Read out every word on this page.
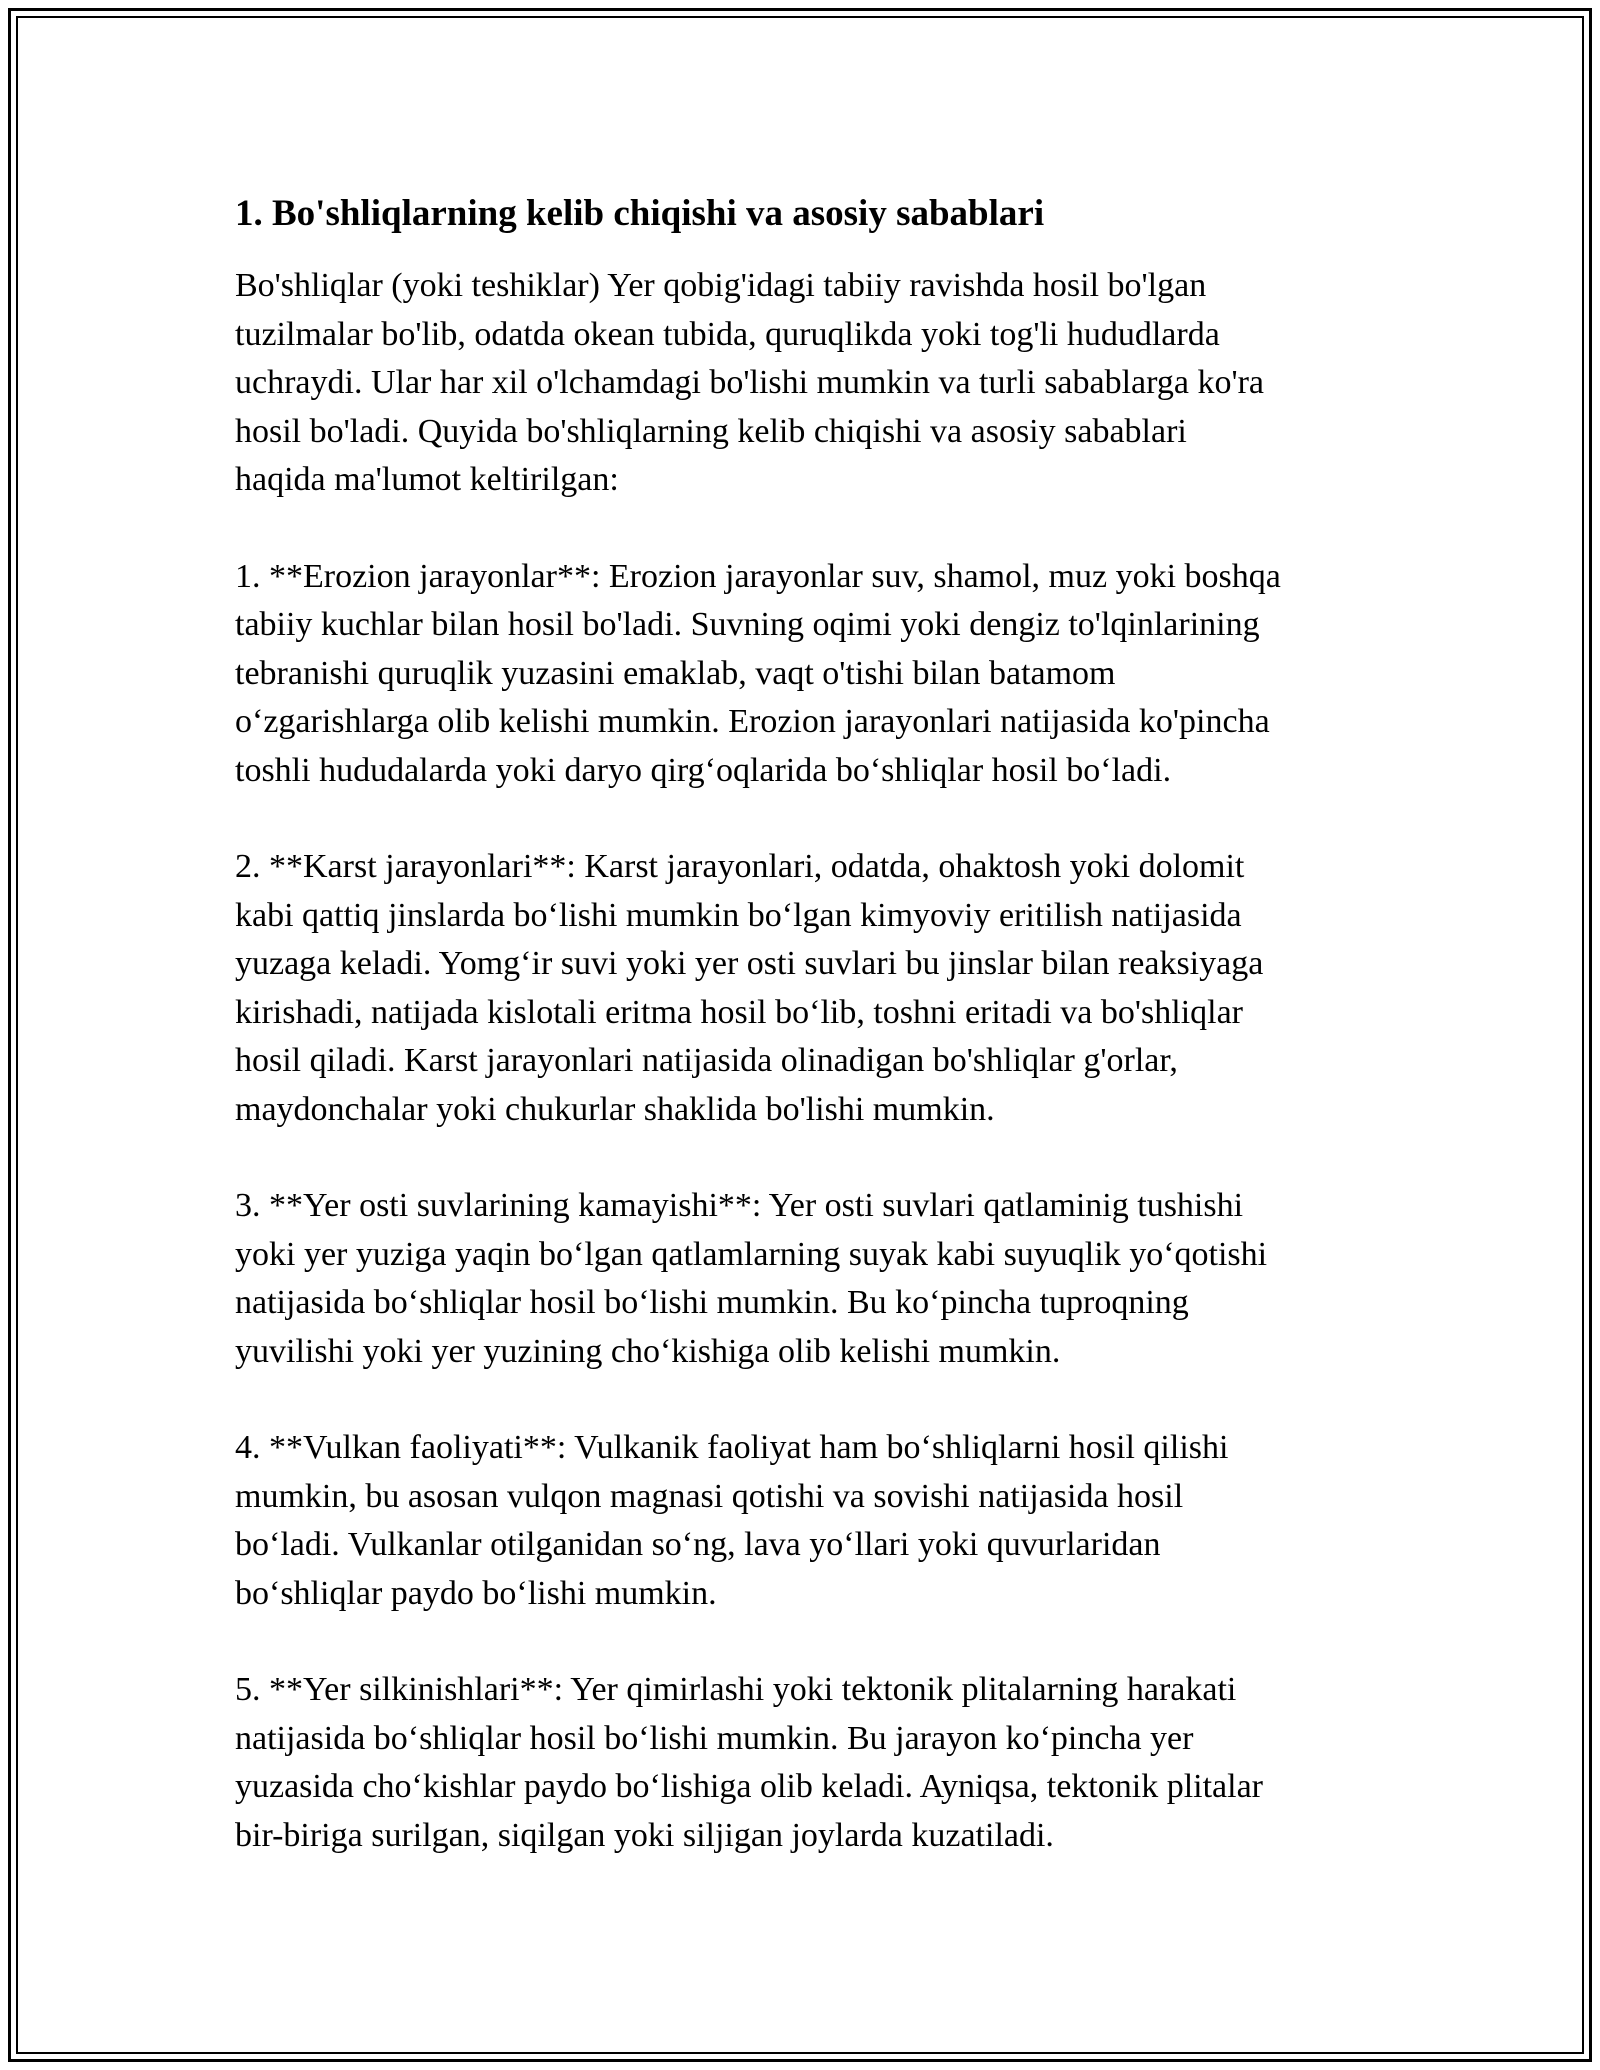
1. Bo'shliqlarning kelib chiqishi va asosiy sabablari

Bo'shliqlar (yoki teshiklar) Yer qobig'idagi tabiiy ravishda hosil bo'lgan
tuzilmalar bo'lib, odatda okean tubida, quruqlikda yoki tog'li hududlarda
uchraydi. Ular har xil o'lchamdagi bo'lishi mumkin va turli sabablarga ko'ra
hosil bo'ladi. Quyida bo'shliqlarning kelib chiqishi va asosiy sabablari
haqida ma'lumot keltirilgan:

1. **Erozion jarayonlar**: Erozion jarayonlar suv, shamol, muz yoki boshqa
tabiiy kuchlar bilan hosil bo'ladi. Suvning oqimi yoki dengiz to'lqinlarining
tebranishi quruqlik yuzasini emaklab, vaqt o'tishi bilan batamom
o‘zgarishlarga olib kelishi mumkin. Erozion jarayonlari natijasida ko'pincha
toshli hududalarda yoki daryo qirg‘oqlarida bo‘shliqlar hosil bo‘ladi.

2. **Karst jarayonlari**: Karst jarayonlari, odatda, ohaktosh yoki dolomit
kabi qattiq jinslarda bo‘lishi mumkin bo‘lgan kimyoviy eritilish natijasida
yuzaga keladi. Yomg‘ir suvi yoki yer osti suvlari bu jinslar bilan reaksiyaga
kirishadi, natijada kislotali eritma hosil bo‘lib, toshni eritadi va bo'shliqlar
hosil qiladi. Karst jarayonlari natijasida olinadigan bo'shliqlar g'orlar,
maydonchalar yoki chukurlar shaklida bo'lishi mumkin.

3. **Yer osti suvlarining kamayishi**: Yer osti suvlari qatlaminig tushishi
yoki yer yuziga yaqin bo‘lgan qatlamlarning suyak kabi suyuqlik yo‘qotishi
natijasida bo‘shliqlar hosil bo‘lishi mumkin. Bu ko‘pincha tuproqning
yuvilishi yoki yer yuzining cho‘kishiga olib kelishi mumkin.

4. **Vulkan faoliyati**: Vulkanik faoliyat ham bo‘shliqlarni hosil qilishi
mumkin, bu asosan vulqon magnasi qotishi va sovishi natijasida hosil
bo‘ladi. Vulkanlar otilganidan so‘ng, lava yo‘llari yoki quvurlaridan
bo‘shliqlar paydo bo‘lishi mumkin.

5. **Yer silkinishlari**: Yer qimirlashi yoki tektonik plitalarning harakati
natijasida bo‘shliqlar hosil bo‘lishi mumkin. Bu jarayon ko‘pincha yer
yuzasida cho‘kishlar paydo bo‘lishiga olib keladi. Ayniqsa, tektonik plitalar
bir-biriga surilgan, siqilgan yoki siljigan joylarda kuzatiladi.
